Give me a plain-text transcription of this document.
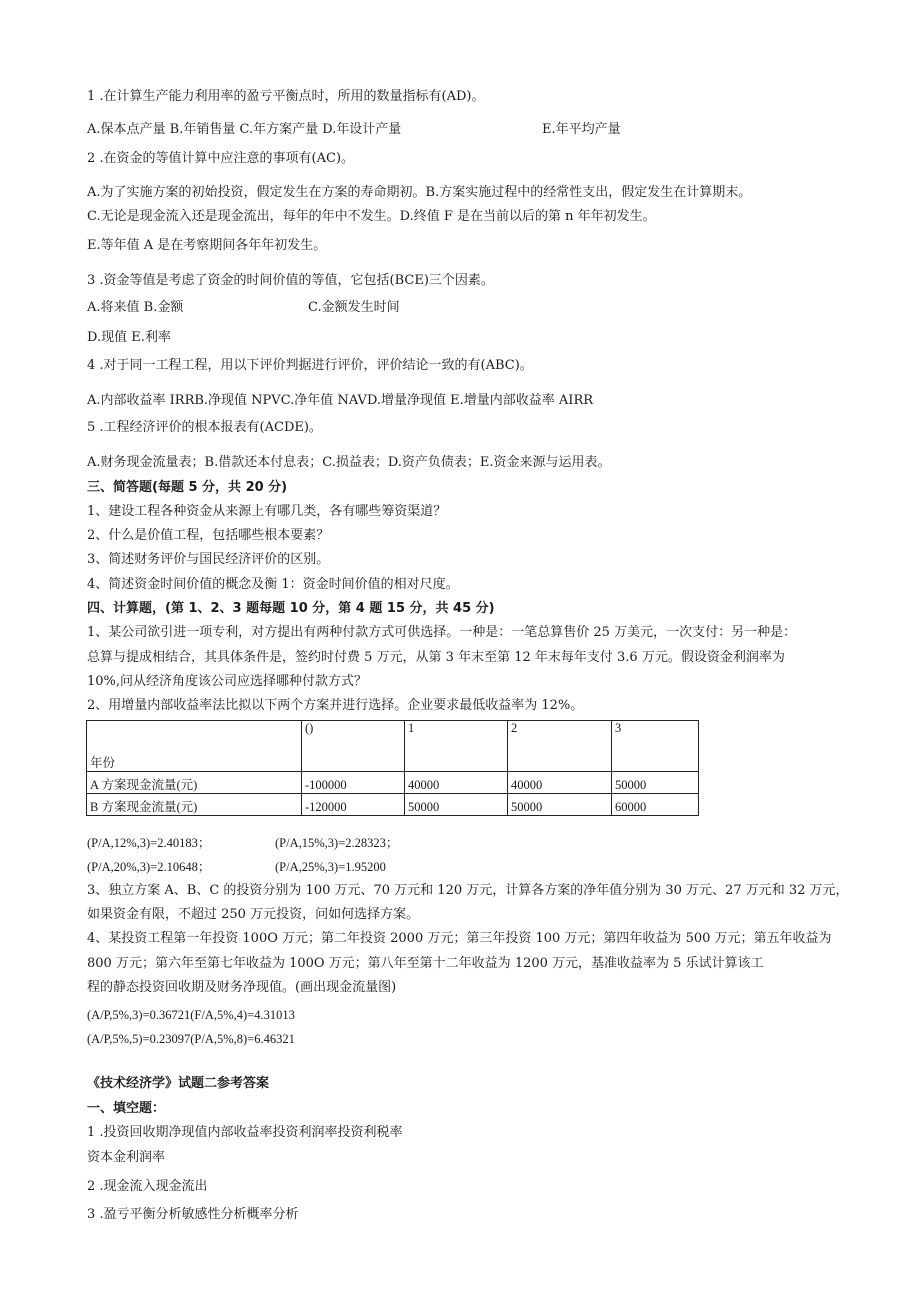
1 .在计算生产能力利用率的盈亏平衡点时，所用的数量指标有(AD)。
A.保本点产量 B.年销售量 C.年方案产量 D.年设计产量	E.年平均产量
2 .在资金的等值计算中应注意的事项有(AC)。
A.为了实施方案的初始投资，假定发生在方案的寿命期初。B.方案实施过程中的经常性支出，假定发生在计算期末。
C.无论是现金流入还是现金流出，每年的年中不发生。D.终值 F 是在当前以后的第 n 年年初发生。
E.等年值 A 是在考察期间各年年初发生。
3 .资金等值是考虑了资金的时间价值的等值，它包括(BCE)三个因素。
A.将来值 B.金额	C.金额发生时间
D.现值 E.利率
4 .对于同一工程工程，用以下评价判据进行评价，评价结论一致的有(ABC)。
A.内部收益率 IRRB.净现值 NPVC.净年值 NAVD.增量净现值 E.增量内部收益率 AIRR
5 .工程经济评价的根本报表有(ACDE)。
A.财务现金流量表；B.借款还本付息表；C.损益表；D.资产负债表；E.资金来源与运用表。
三、简答题(每题 5 分，共 20 分)
1、建设工程各种资金从来源上有哪几类，各有哪些筹资渠道？
2、什么是价值工程，包括哪些根本要素？
3、简述财务评价与国民经济评价的区别。
4、简述资金时间价值的概念及衡 1：资金时间价值的相对尺度。
四、计算题，(第 1、2、3 题每题 10 分，第 4 题 15 分，共 45 分)
1、某公司欲引进一项专利，对方提出有两种付款方式可供选择。一种是：一笔总算售价 25 万美元，一次支付：另一种是：
总算与提成相结合，其具体条件是，签约时付费 5 万元，从第 3 年末至第 12 年末每年支付 3.6 万元。假设资金利润率为
10%,问从经济角度该公司应选择哪种付款方式？
2、用增量内部收益率法比拟以下两个方案并进行选择。企业要求最低收益率为 12%。
年份	()	1	2	3
A 方案现金流量(元)	-100000	40000	40000	50000
B 方案现金流量(元)	-120000	50000	50000	60000
(P/A,12%,3)=2.40183；	(P/A,15%,3)=2.28323；
(P/A,20%,3)=2.10648；	(P/A,25%,3)=1.95200
3、独立方案 A、B、C 的投资分别为 100 万元、70 万元和 120 万元，计算各方案的净年值分别为 30 万元、27 万元和 32 万元，
如果资金有限，不超过 250 万元投资，问如何选择方案。
4、某投资工程第一年投资 100O 万元；第二年投资 2000 万元；第三年投资 100 万元；第四年收益为 500 万元；第五年收益为
800 万元；第六年至第七年收益为 100O 万元；第八年至第十二年收益为 1200 万元，基准收益率为 5 乐试计算该工
程的静态投资回收期及财务净现值。(画出现金流量图)
(A/P,5%,3)=0.36721(F/A,5%,4)=4.31013
(A/P,5%,5)=0.23097(P/A,5%,8)=6.46321
《技术经济学》试题二参考答案
一、填空题：
1 .投资回收期净现值内部收益率投资利润率投资利税率
资本金利润率
2 .现金流入现金流出
3 .盈亏平衡分析敏感性分析概率分析
